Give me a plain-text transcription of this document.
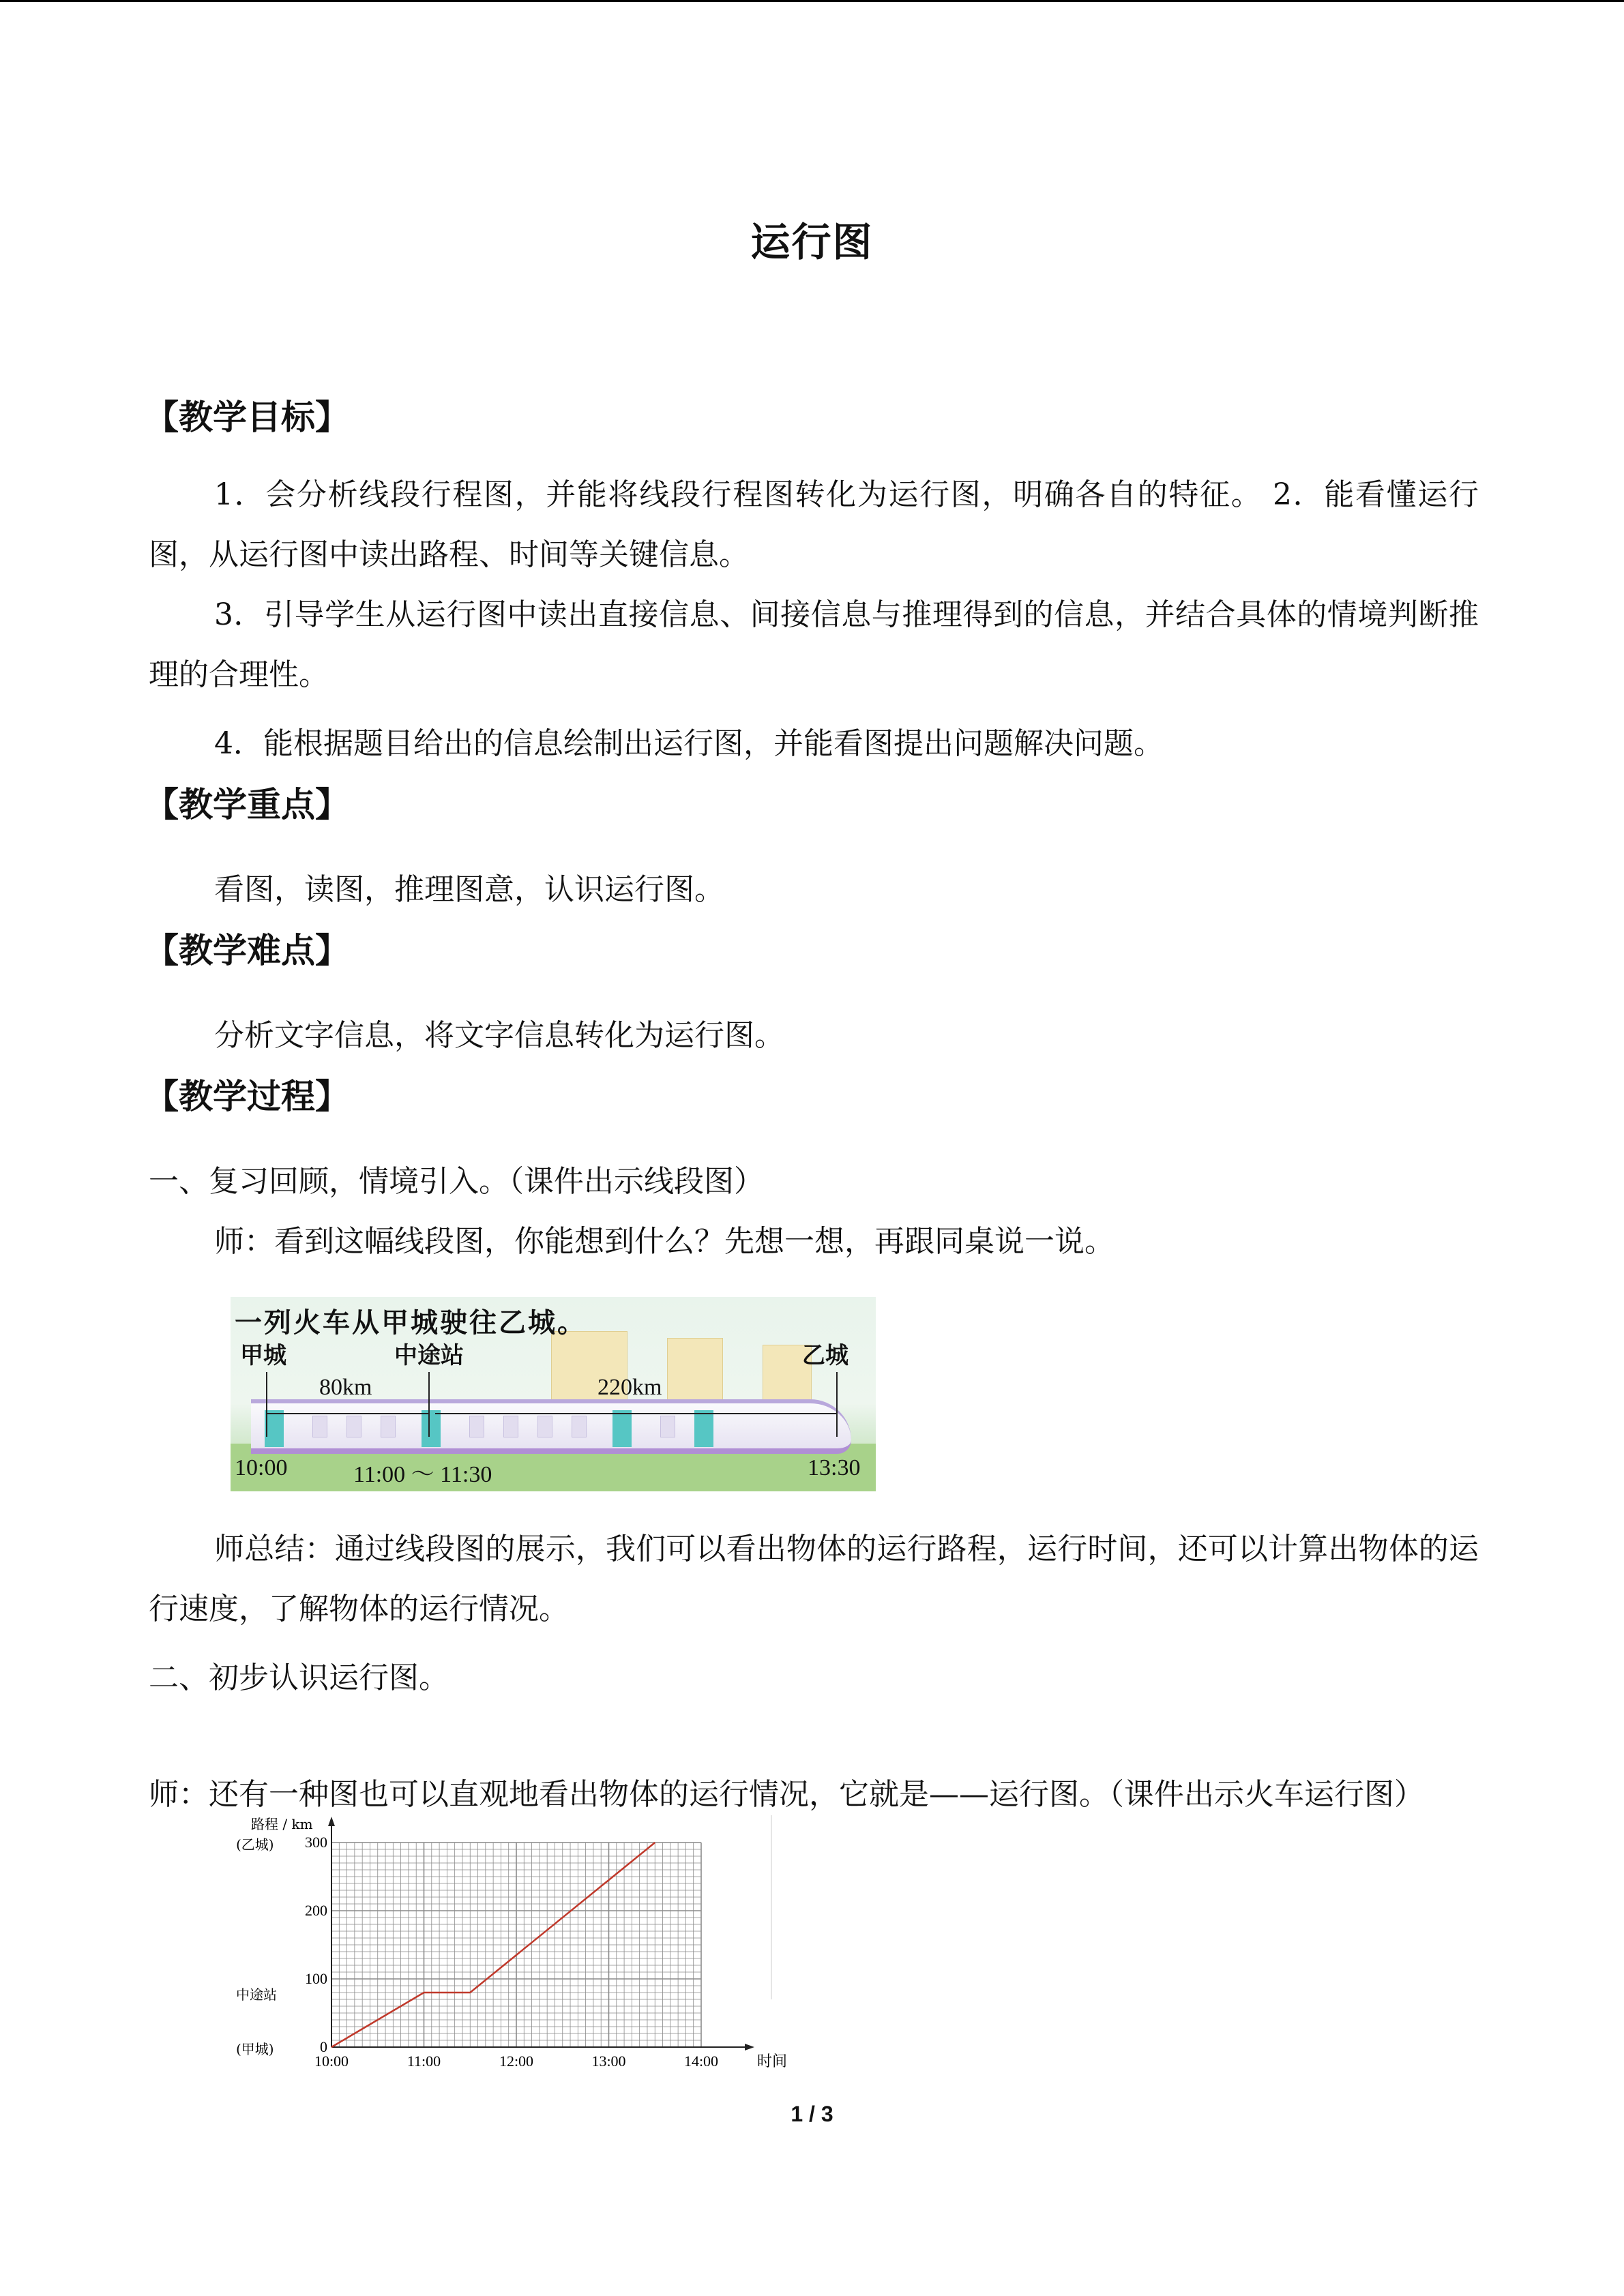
运行图
【教学目标】
1．会分析线段行程图，并能将线段行程图转化为运行图，明确各自的特征。 2．能看懂运行图，从运行图中读出路程、时间等关键信息。
3．引导学生从运行图中读出直接信息、间接信息与推理得到的信息，并结合具体的情境判断推理的合理性。
4．能根据题目给出的信息绘制出运行图，并能看图提出问题解决问题。
【教学重点】
看图，读图，推理图意，认识运行图。
【教学难点】
分析文字信息，将文字信息转化为运行图。
【教学过程】
一、复习回顾，情境引入。（课件出示线段图）
师：看到这幅线段图，你能想到什么？先想一想，再跟同桌说一说。
一列火车从甲城驶往乙城。
甲城	中途站	乙城
80km	220km
10:00	11:00 ～ 11:30	13:30
师总结：通过线段图的展示，我们可以看出物体的运行路程，运行时间，还可以计算出物体的运行速度，了解物体的运行情况。
二、初步认识运行图。
师：还有一种图也可以直观地看出物体的运行情况，它就是——运行图。（课件出示火车运行图）
路程 / km
时间
0
100
200
300
10:00	11:00	12:00	13:00	14:00
(乙城)
中途站
(甲城)
1 / 3
